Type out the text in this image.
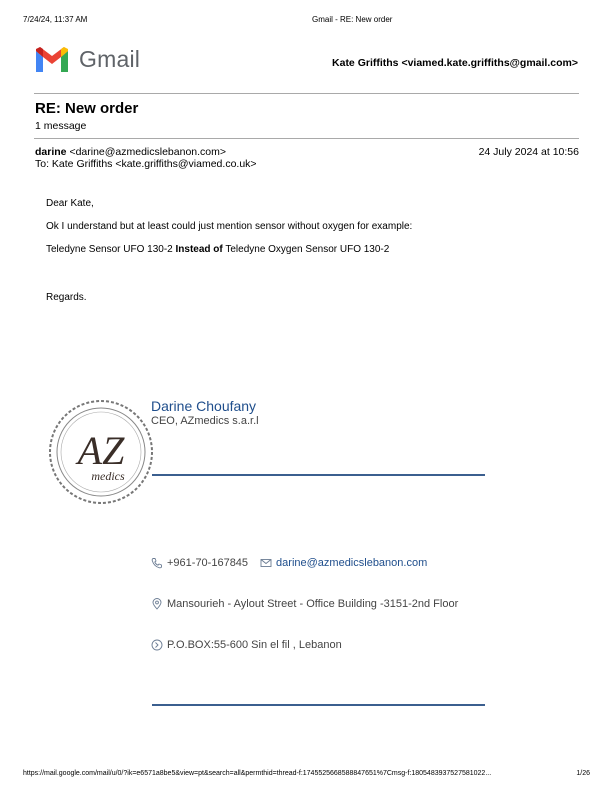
7/24/24, 11:37 AM	Gmail - RE: New order
Gmail	Kate Griffiths <viamed.kate.griffiths@gmail.com>
RE: New order
1 message
darine <darine@azmedicslebanon.com>	24 July 2024 at 10:56
To: Kate Griffiths <kate.griffiths@viamed.co.uk>
Dear Kate,
Ok I understand but at least could just mention sensor without oxygen for example:
Teledyne Sensor UFO 130-2 Instead of Teledyne Oxygen Sensor UFO 130-2
Regards.
AZ
medics
Darine Choufany
CEO, AZmedics s.a.r.l
+961-70-167845	darine@azmedicslebanon.com
Mansourieh - Aylout Street - Office Building -3151-2nd Floor
P.O.BOX:55-600 Sin el fil , Lebanon
https://mail.google.com/mail/u/0/?ik=e6571a8be5&view=pt&search=all&permthid=thread-f:1745525668588847651%7Cmsg-f:1805483937527581022...	1/26
